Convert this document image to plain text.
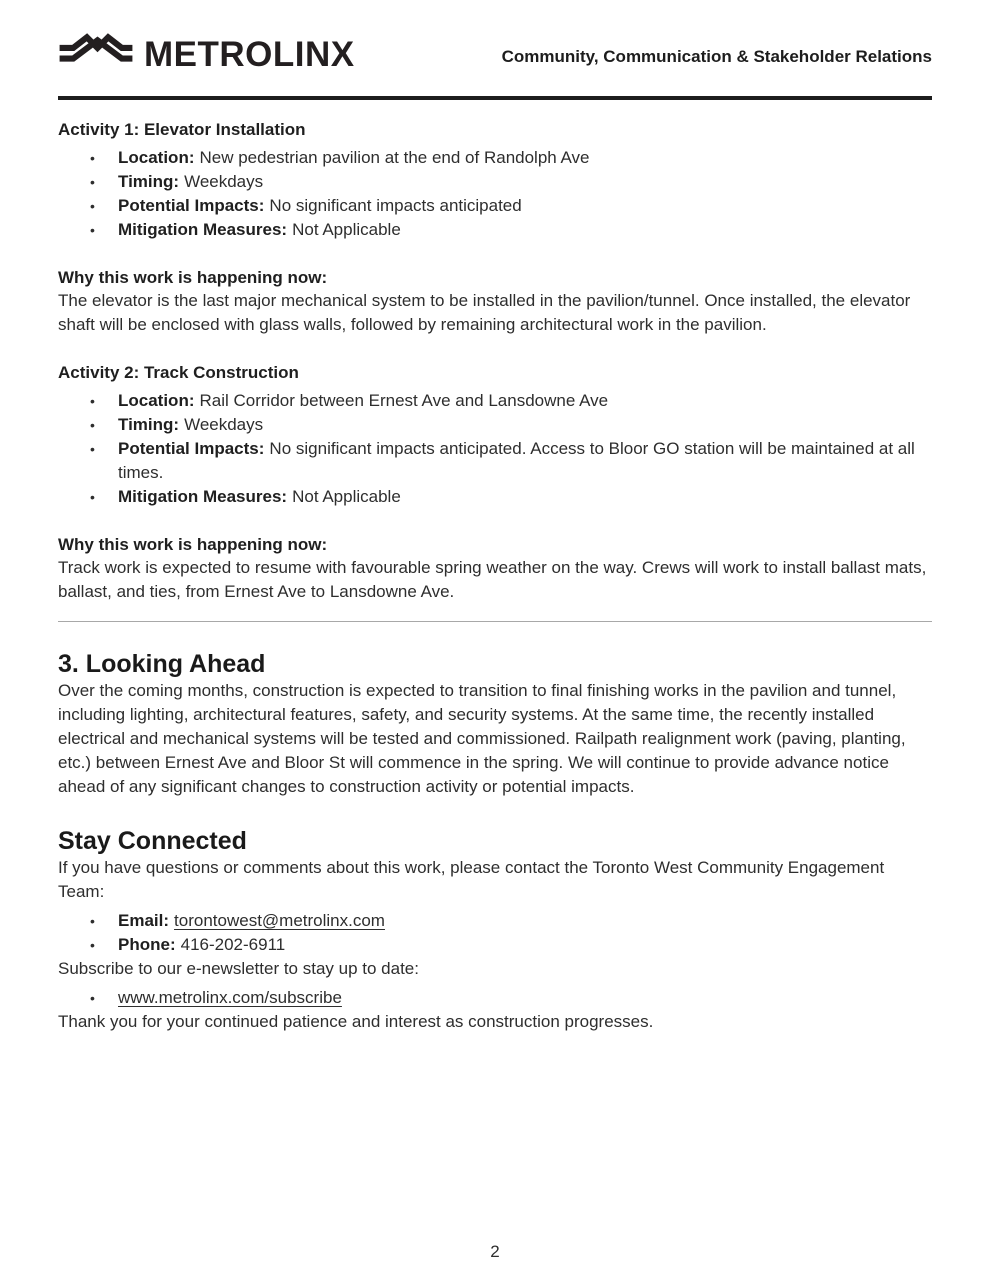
METROLINX	Community, Communication & Stakeholder Relations
Activity 1: Elevator Installation
•	Location: New pedestrian pavilion at the end of Randolph Ave
•	Timing: Weekdays
•	Potential Impacts: No significant impacts anticipated
•	Mitigation Measures: Not Applicable
Why this work is happening now:

The elevator is the last major mechanical system to be installed in the pavilion/tunnel. Once installed, the elevator shaft will be enclosed with glass walls, followed by remaining architectural work in the pavilion.

Activity 2: Track Construction
•	Location: Rail Corridor between Ernest Ave and Lansdowne Ave
•	Timing: Weekdays
•	Potential Impacts: No significant impacts anticipated. Access to Bloor GO station will be maintained at all times.
•	Mitigation Measures: Not Applicable
Why this work is happening now:

Track work is expected to resume with favourable spring weather on the way. Crews will work to install ballast mats, ballast, and ties, from Ernest Ave to Lansdowne Ave.

3. Looking Ahead

Over the coming months, construction is expected to transition to final finishing works in the pavilion and tunnel, including lighting, architectural features, safety, and security systems. At the same time, the recently installed electrical and mechanical systems will be tested and commissioned. Railpath realignment work (paving, planting, etc.) between Ernest Ave and Bloor St will commence in the spring. We will continue to provide advance notice ahead of any significant changes to construction activity or potential impacts.

Stay Connected

If you have questions or comments about this work, please contact the Toronto West Community Engagement Team:

•	Email: torontowest@metrolinx.com
•	Phone: 416-202-6911

Subscribe to our e-newsletter to stay up to date:

•	www.metrolinx.com/subscribe

Thank you for your continued patience and interest as construction progresses.

2
